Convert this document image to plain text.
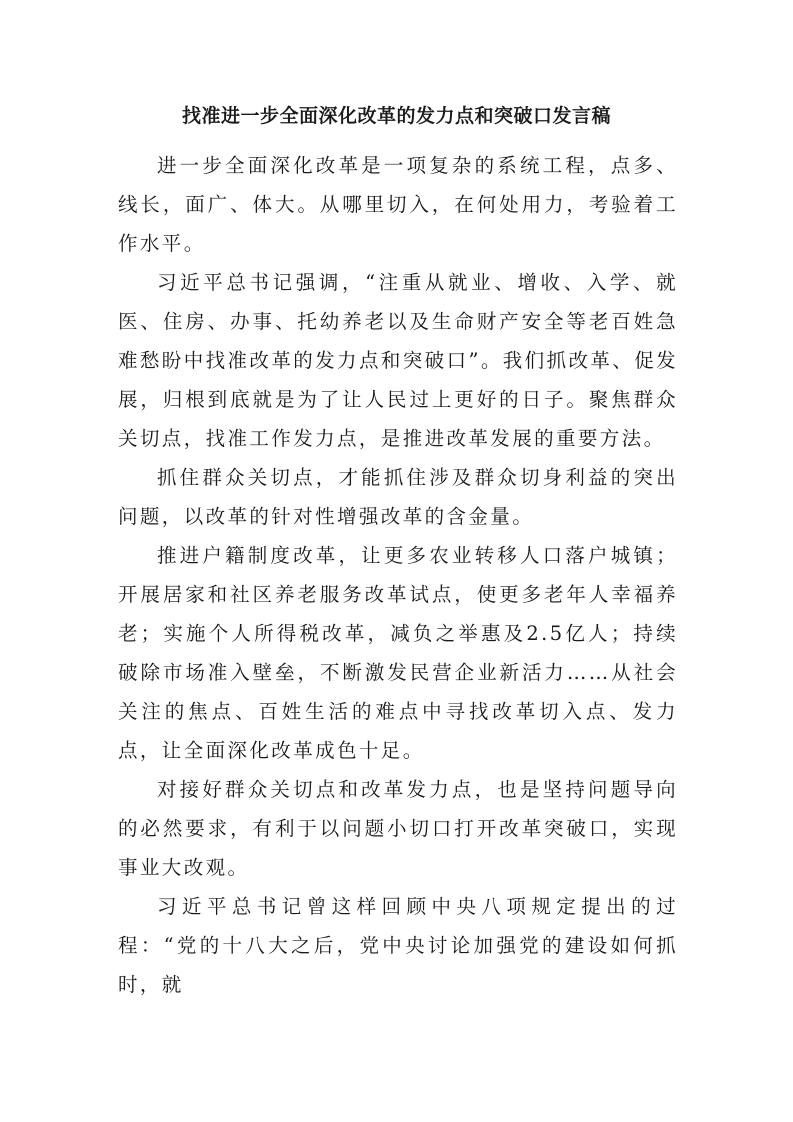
找准进一步全面深化改革的发力点和突破口发言稿

进一步全面深化改革是一项复杂的系统工程，点多、线长，面广、体大。从哪里切入，在何处用力，考验着工作水平。

习近平总书记强调，“注重从就业、增收、入学、就医、住房、办事、托幼养老以及生命财产安全等老百姓急难愁盼中找准改革的发力点和突破口”。我们抓改革、促发展，归根到底就是为了让人民过上更好的日子。聚焦群众关切点，找准工作发力点，是推进改革发展的重要方法。

抓住群众关切点，才能抓住涉及群众切身利益的突出问题，以改革的针对性增强改革的含金量。

推进户籍制度改革，让更多农业转移人口落户城镇；开展居家和社区养老服务改革试点，使更多老年人幸福养老；实施个人所得税改革，减负之举惠及2.5亿人；持续破除市场准入壁垒，不断激发民营企业新活力……从社会关注的焦点、百姓生活的难点中寻找改革切入点、发力点，让全面深化改革成色十足。

对接好群众关切点和改革发力点，也是坚持问题导向的必然要求，有利于以问题小切口打开改革突破口，实现事业大改观。

习近平总书记曾这样回顾中央八项规定提出的过程：“党的十八大之后，党中央讨论加强党的建设如何抓时，就
